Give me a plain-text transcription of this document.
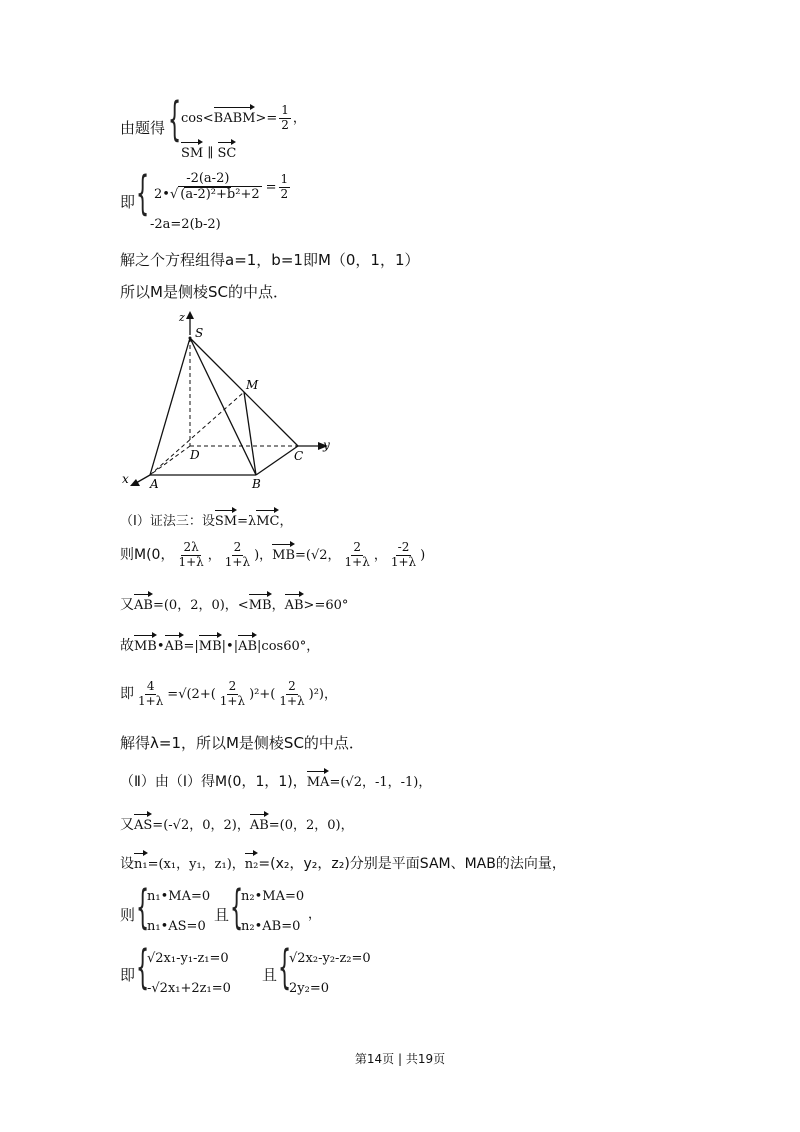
由题得 { cos<BABM>= $\frac{1}{2}$ ，
SM ∥ SC
即 { $\frac{-2(a-2)}{\text{2•√ (a-2)²+b²+2}} = \frac{1}{2}$
-2a=2(b-2)
解之个方程组得a=1，b=1即M（0，1，1）
所以M是侧棱SC的中点．
z
S
M
D	C
y
x A	B
（I）证法三：设SM=λMC，
则M(0， $\frac{2\lambda}{1+\lambda}$ ， $\frac{2}{1+\lambda}$ )，MB=(√2， $\frac{2}{1+\lambda}$ ， $\frac{-2}{1+\lambda}$ )
又AB=(0，2，0)，<MB，AB>=60°
故MB•AB=|MB|•|AB|cos60°，
即 $\frac{4}{1+\lambda} =√(2+( \frac{2}{1+\lambda} )^2+( \frac{2}{1+\lambda} )^2)$，
解得λ=1，所以M是侧棱SC的中点．
（Ⅱ）由（I）得M(0，1，1)，MA=(√2，-1，-1)，
又AS=(-√2，0，2)，AB=(0，2，0)，
设n₁=(x₁，y₁，z₁)，n₂=(x₂，y₂，z₂)分别是平面SAM、MAB的法向量，
则 {
n₁•MA=0
n₁•AS=0
且 {
n₂•MA=0
n₂•AB=0
，
即 {
√2x₁-y₁-z₁=0
-√2x₁+2z₁=0
且 {
√2x₂-y₂-z₂=0
2y₂=0
第14页 | 共19页
